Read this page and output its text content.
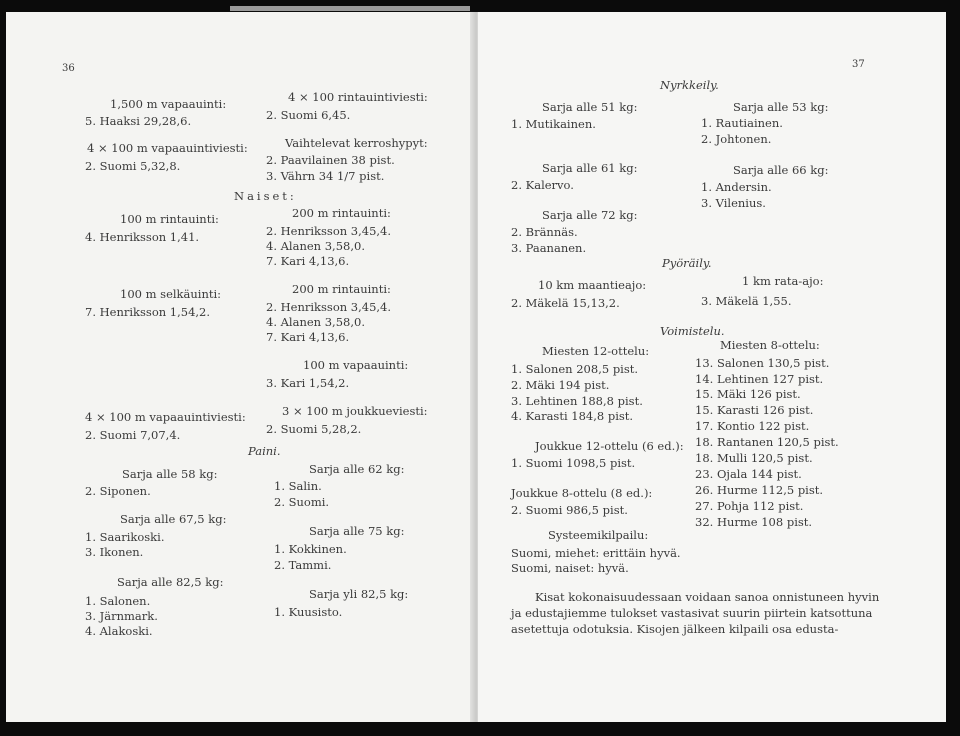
36
1,500 m vapaauinti:
5. Haaksi 29,28,6.
4 × 100 m vapaauintiviesti:
2. Suomi 5,32,8.
100 m rintauinti:
4. Henriksson 1,41.
100 m selkäuinti:
7. Henriksson 1,54,2.
4 × 100 m vapaauintiviesti:
2. Suomi 7,07,4.
Sarja alle 58 kg:
2. Siponen.
Sarja alle 67,5 kg:
1. Saarikoski.
3. Ikonen.
Sarja alle 82,5 kg:
1. Salonen.
3. Järnmark.
4. Alakoski.
4 × 100 rintauintiviesti:
2. Suomi 6,45.
Vaihtelevat kerroshypyt:
2. Paavilainen 38 pist.
3. Vährn 34 1/7 pist.
Naiset:
200 m rintauinti:
2. Henriksson 3,45,4.
4. Alanen 3,58,0.
7. Kari 4,13,6.
200 m rintauinti:
2. Henriksson 3,45,4.
4. Alanen 3,58,0.
7. Kari 4,13,6.
100 m vapaauinti:
3. Kari 1,54,2.
3 × 100 m joukkueviesti:
2. Suomi 5,28,2.
Paini.
Sarja alle 62 kg:
1. Salin.
2. Suomi.
Sarja alle 75 kg:
1. Kokkinen.
2. Tammi.
Sarja yli 82,5 kg:
1. Kuusisto.
37
Nyrkkeily.
Sarja alle 51 kg:
1. Mutikainen.
Sarja alle 61 kg:
2. Kalervo.
Sarja alle 72 kg:
2. Brännäs.
3. Paananen.
Sarja alle 53 kg:
1. Rautiainen.
2. Johtonen.
Sarja alle 66 kg:
1. Andersin.
3. Vilenius.
Pyöräily.
10 km maantieajo:
2. Mäkelä 15,13,2.
1 km rata-ajo:
3. Mäkelä 1,55.
Voimistelu.
Miesten 12-ottelu:
1. Salonen 208,5 pist.
2. Mäki 194 pist.
3. Lehtinen 188,8 pist.
4. Karasti 184,8 pist.
Joukkue 12-ottelu (6 ed.):
1. Suomi 1098,5 pist.
Joukkue 8-ottelu (8 ed.):
2. Suomi 986,5 pist.
Miesten 8-ottelu:
13. Salonen 130,5 pist.
14. Lehtinen 127 pist.
15. Mäki 126 pist.
15. Karasti 126 pist.
17. Kontio 122 pist.
18. Rantanen 120,5 pist.
18. Mulli 120,5 pist.
23. Ojala 144 pist.
26. Hurme 112,5 pist.
27. Pohja 112 pist.
32. Hurme 108 pist.
Systeemikilpailu:
Suomi, miehet: erittäin hyvä.
Suomi, naiset: hyvä.
Kisat kokonaisuudessaan voidaan sanoa onnistuneen hyvin
ja edustajiemme tulokset vastasivat suurin piirtein katsottuna
asetettuja odotuksia. Kisojen jälkeen kilpaili osa edusta-
